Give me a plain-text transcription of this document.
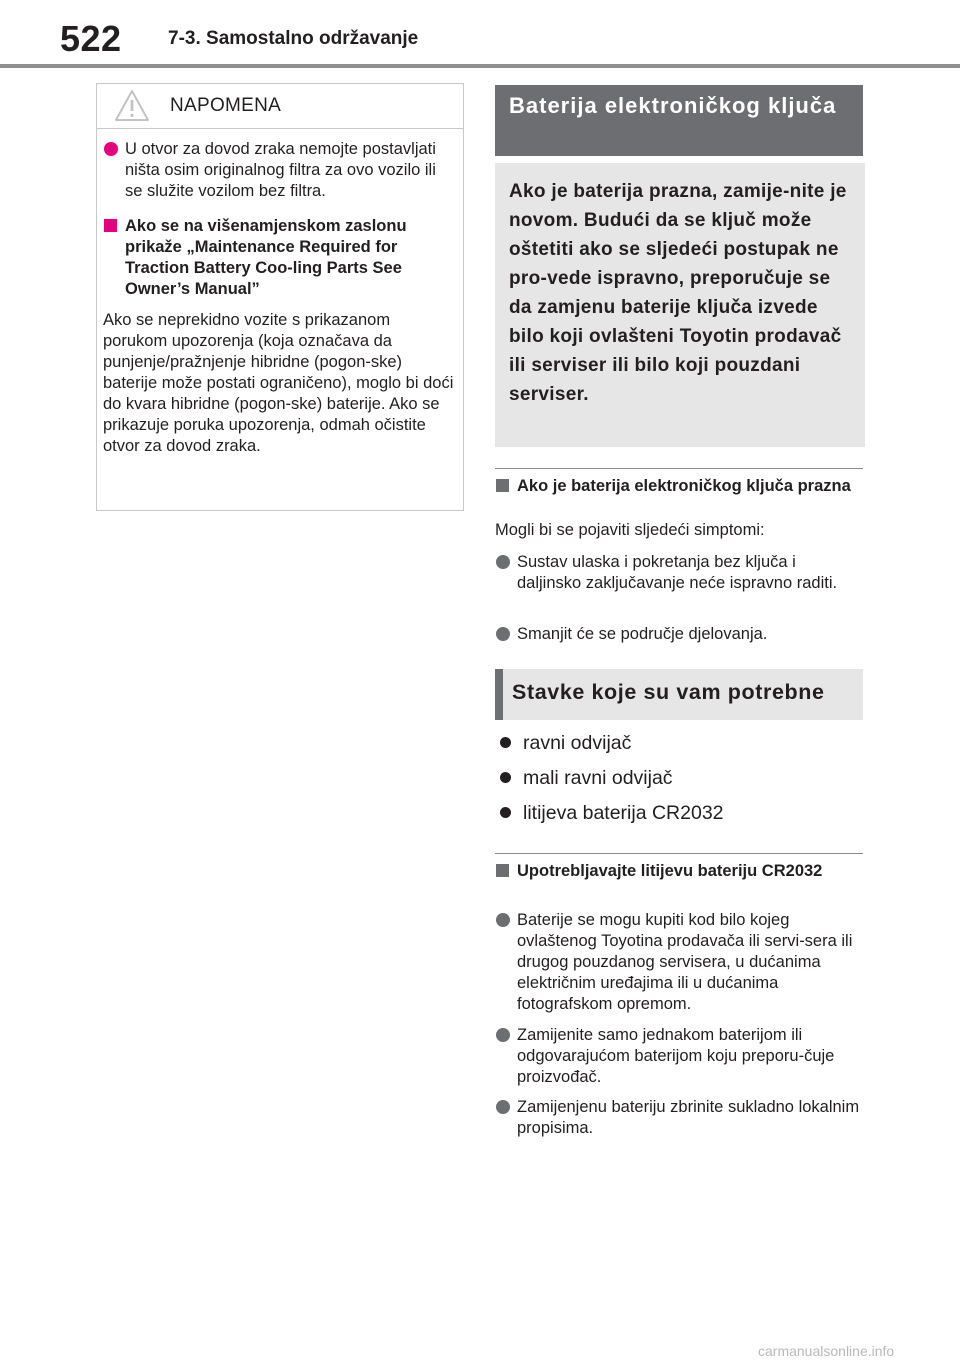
522 7-3. Samostalno održavanje
NAPOMENA
U otvor za dovod zraka nemojte postavljati ništa osim originalnog filtra za ovo vozilo ili se služite vozilom bez filtra.
Ako se na višenamjenskom zaslonu prikaže „Maintenance Required for Traction Battery Coo-ling Parts See Owner’s Manual”
Ako se neprekidno vozite s prikazanom porukom upozorenja (koja označava da punjenje/pražnjenje hibridne (pogon-ske) baterije može postati ograničeno), moglo bi doći do kvara hibridne (pogon-ske) baterije. Ako se prikazuje poruka upozorenja, odmah očistite otvor za dovod zraka.
Baterija elektroničkog ključa
Ako je baterija prazna, zamije-nite je novom. Budući da se ključ može oštetiti ako se sljedeći postupak ne pro-vede ispravno, preporučuje se da zamjenu baterije ključa izvede bilo koji ovlašteni Toyotin prodavač ili serviser ili bilo koji pouzdani serviser.
Ako je baterija elektroničkog ključa prazna
Mogli bi se pojaviti sljedeći simptomi:
Sustav ulaska i pokretanja bez ključa i daljinsko zaključavanje neće ispravno raditi.
Smanjit će se područje djelovanja.
Stavke koje su vam potrebne
ravni odvijač
mali ravni odvijač
litijeva baterija CR2032
Upotrebljavajte litijevu bateriju CR2032
Baterije se mogu kupiti kod bilo kojeg ovlaštenog Toyotina prodavača ili servi-sera ili drugog pouzdanog servisera, u dućanima električnim uređajima ili u dućanima fotografskom opremom.
Zamijenite samo jednakom baterijom ili odgovarajućom baterijom koju preporu-čuje proizvođač.
Zamijenjenu bateriju zbrinite sukladno lokalnim propisima.
carmanualsonline.info
